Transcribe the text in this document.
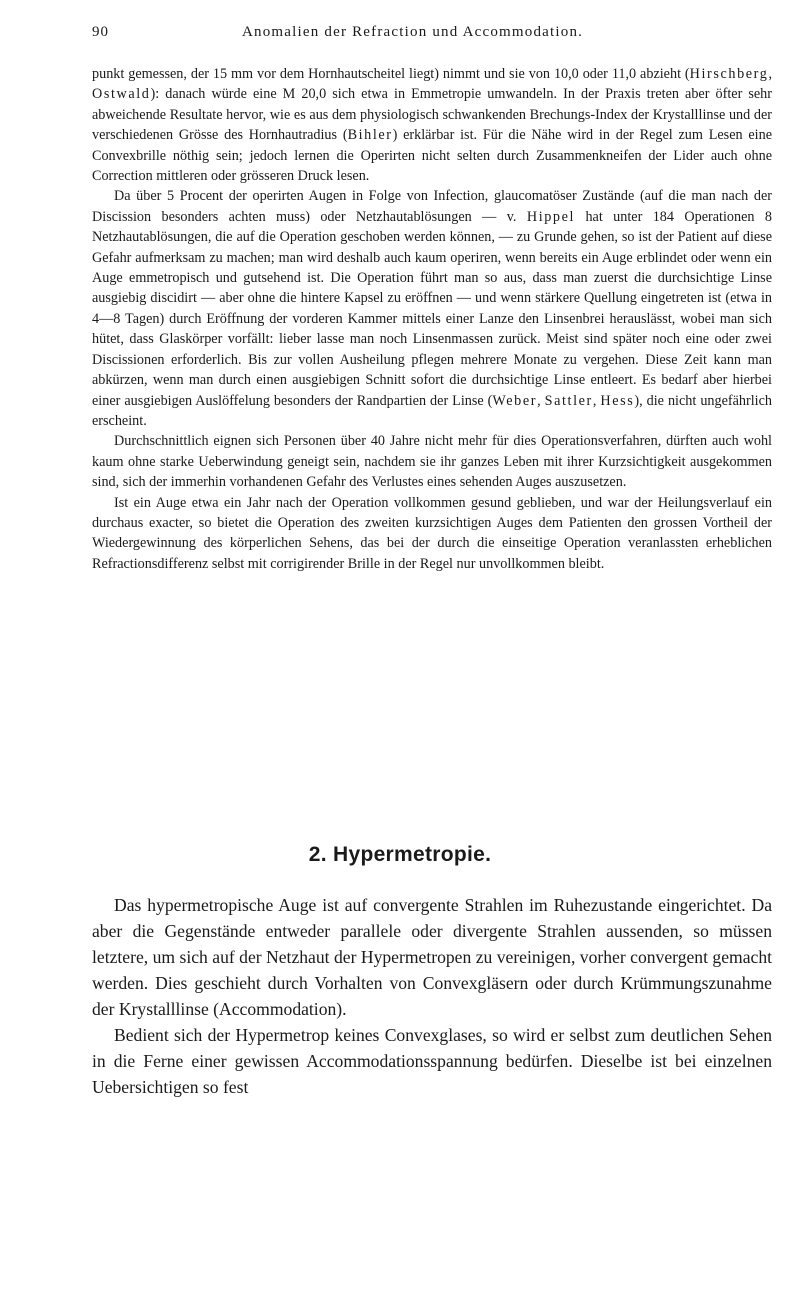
90	Anomalien der Refraction und Accommodation.

punkt gemessen, der 15 mm vor dem Hornhautscheitel liegt) nimmt und sie von 10,0 oder 11,0 abzieht (Hirschberg, Ostwald): danach würde eine M 20,0 sich etwa in Emmetropie umwandeln. In der Praxis treten aber öfter sehr abweichende Resultate hervor, wie es aus dem physiologisch schwankenden Brechungs-Index der Krystalllinse und der verschiedenen Grösse des Hornhautradius (Bihler) erklärbar ist. Für die Nähe wird in der Regel zum Lesen eine Convexbrille nöthig sein; jedoch lernen die Operirten nicht selten durch Zusammenkneifen der Lider auch ohne Correction mittleren oder grösseren Druck lesen.

Da über 5 Procent der operirten Augen in Folge von Infection, glaucomatöser Zustände (auf die man nach der Discission besonders achten muss) oder Netzhautablösungen — v. Hippel hat unter 184 Operationen 8 Netzhautablösungen, die auf die Operation geschoben werden können, — zu Grunde gehen, so ist der Patient auf diese Gefahr aufmerksam zu machen; man wird deshalb auch kaum operiren, wenn bereits ein Auge erblindet oder wenn ein Auge emmetropisch und gutsehend ist. Die Operation führt man so aus, dass man zuerst die durchsichtige Linse ausgiebig discidirt — aber ohne die hintere Kapsel zu eröffnen — und wenn stärkere Quellung eingetreten ist (etwa in 4—8 Tagen) durch Eröffnung der vorderen Kammer mittels einer Lanze den Linsenbrei herauslässt, wobei man sich hütet, dass Glaskörper vorfällt: lieber lasse man noch Linsenmassen zurück. Meist sind später noch eine oder zwei Discissionen erforderlich. Bis zur vollen Ausheilung pflegen mehrere Monate zu vergehen. Diese Zeit kann man abkürzen, wenn man durch einen ausgiebigen Schnitt sofort die durchsichtige Linse entleert. Es bedarf aber hierbei einer ausgiebigen Auslöffelung besonders der Randpartien der Linse (Weber, Sattler, Hess), die nicht ungefährlich erscheint.

Durchschnittlich eignen sich Personen über 40 Jahre nicht mehr für dies Operationsverfahren, dürften auch wohl kaum ohne starke Ueberwindung geneigt sein, nachdem sie ihr ganzes Leben mit ihrer Kurzsichtigkeit ausgekommen sind, sich der immerhin vorhandenen Gefahr des Verlustes eines sehenden Auges auszusetzen.

Ist ein Auge etwa ein Jahr nach der Operation vollkommen gesund geblieben, und war der Heilungsverlauf ein durchaus exacter, so bietet die Operation des zweiten kurzsichtigen Auges dem Patienten den grossen Vortheil der Wiedergewinnung des körperlichen Sehens, das bei der durch die einseitige Operation veranlassten erheblichen Refractionsdifferenz selbst mit corrigirender Brille in der Regel nur unvollkommen bleibt.

2. Hypermetropie.

Das hypermetropische Auge ist auf convergente Strahlen im Ruhezustande eingerichtet. Da aber die Gegenstände entweder parallele oder divergente Strahlen aussenden, so müssen letztere, um sich auf der Netzhaut der Hypermetropen zu vereinigen, vorher convergent gemacht werden. Dies geschieht durch Vorhalten von Convexgläsern oder durch Krümmungszunahme der Krystalllinse (Accommodation).

Bedient sich der Hypermetrop keines Convexglases, so wird er selbst zum deutlichen Sehen in die Ferne einer gewissen Accommodationsspannung bedürfen. Dieselbe ist bei einzelnen Uebersichtigen so fest
